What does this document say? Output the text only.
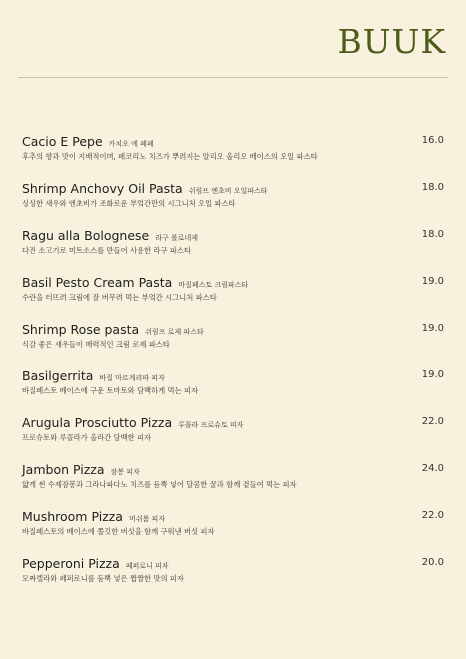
BUUK
Cacio E Pepe 카치오 에 페페	16.0
후추의 향과 맛이 지배적이며, 페코리노 치즈가 뿌려지는 알리오 올리오 베이스의 오일 파스타
Shrimp Anchovy Oil Pasta 쉬림프 엔초비 오일파스타	18.0
싱싱한 새우와 엔초비가 조화로운 부엌간만의 시그니처 오일 파스타
Ragu alla Bolognese 라구 볼로네제	18.0
다진 소고기로 미트소스를 만들어 사용한 라구 파스타
Basil Pesto Cream Pasta 바질페스토 크림파스타	19.0
수란을 터뜨려 크림에 잘 버무려 먹는 부엌간 시그니처 파스타
Shrimp Rose pasta 쉬림프 로제 파스타	19.0
식감 좋은 새우들이 매력적인 크림 로제 파스타
Basilgerrita 바질 마르게리따 피자	19.0
바질페스토 베이스에 구운 토마토와 담백하게 먹는 피자
Arugula Prosciutto Pizza 루꼴라 프로슈토 피자	22.0
프로슈토와 루꼴라가 올라간 담백한 피자
Jambon Pizza 잠봉 피자	24.0
얇게 썬 수제잠봉과 그라나파다노 치즈를 듬뿍 넣어 달콤한 꿀과 함께 곁들여 먹는 피자
Mushroom Pizza 머쉬룸 피자	22.0
바질페스토의 베이스에 쫄깃한 버섯을 함께 구워낸 버섯 피자
Pepperoni Pizza 페퍼로니 피자	20.0
모짜렐라와 페퍼로니를 듬뿍 넣은 짭짤한 맛의 피자
